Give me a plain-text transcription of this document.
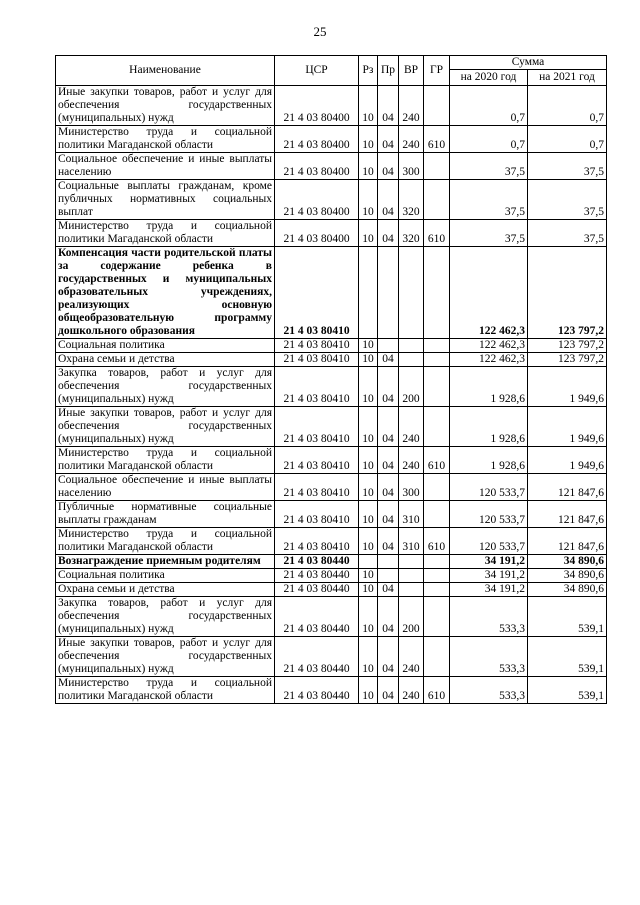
25
Наименование	ЦСР	Рз	Пр	ВР	ГР	Сумма	
						на 2020 год	на 2021 год
Иные закупки товаров, работ и услуг для обеспечения государственных (муниципальных) нужд	21 4 03 80400	10	04	240		0,7	0,7
Министерство труда и социальной политики Магаданской области	21 4 03 80400	10	04	240	610	0,7	0,7
Социальное обеспечение и иные выплаты населению	21 4 03 80400	10	04	300		37,5	37,5
Социальные выплаты гражданам, кроме публичных нормативных социальных выплат	21 4 03 80400	10	04	320		37,5	37,5
Министерство труда и социальной политики Магаданской области	21 4 03 80400	10	04	320	610	37,5	37,5
Компенсация части родительской платы за содержание ребенка в государственных и муниципальных образовательных учреждениях, реализующих основную общеобразовательную программу дошкольного образования	21 4 03 80410					122 462,3	123 797,2
Социальная политика	21 4 03 80410	10				122 462,3	123 797,2
Охрана семьи и детства	21 4 03 80410	10	04			122 462,3	123 797,2
Закупка товаров, работ и услуг для обеспечения государственных (муниципальных) нужд	21 4 03 80410	10	04	200		1 928,6	1 949,6
Иные закупки товаров, работ и услуг для обеспечения государственных (муниципальных) нужд	21 4 03 80410	10	04	240		1 928,6	1 949,6
Министерство труда и социальной политики Магаданской области	21 4 03 80410	10	04	240	610	1 928,6	1 949,6
Социальное обеспечение и иные выплаты населению	21 4 03 80410	10	04	300		120 533,7	121 847,6
Публичные нормативные социальные выплаты гражданам	21 4 03 80410	10	04	310		120 533,7	121 847,6
Министерство труда и социальной политики Магаданской области	21 4 03 80410	10	04	310	610	120 533,7	121 847,6
Вознаграждение приемным родителям	21 4 03 80440					34 191,2	34 890,6
Социальная политика	21 4 03 80440	10				34 191,2	34 890,6
Охрана семьи и детства	21 4 03 80440	10	04			34 191,2	34 890,6
Закупка товаров, работ и услуг для обеспечения государственных (муниципальных) нужд	21 4 03 80440	10	04	200		533,3	539,1
Иные закупки товаров, работ и услуг для обеспечения государственных (муниципальных) нужд	21 4 03 80440	10	04	240		533,3	539,1
Министерство труда и социальной политики Магаданской области	21 4 03 80440	10	04	240	610	533,3	539,1
